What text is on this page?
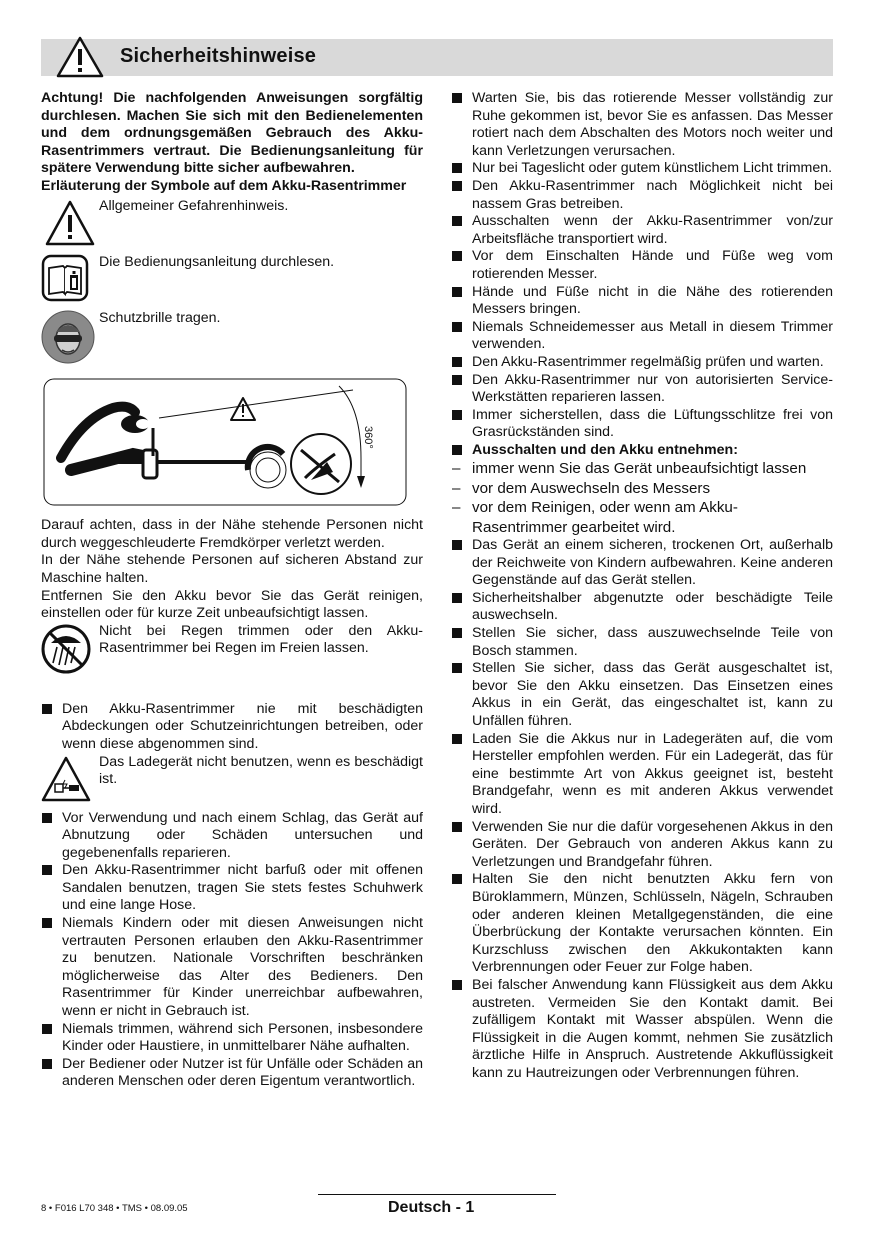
Sicherheitshinweise

Achtung! Die nachfolgenden Anweisungen sorgfältig durchlesen. Machen Sie sich mit den Bedienelementen und dem ordnungsgemäßen Gebrauch des Akku-Rasentrimmers vertraut. Die Bedienungsanleitung für spätere Verwendung bitte sicher aufbewahren.

Erläuterung der Symbole auf dem Akku-Rasentrimmer

Allgemeiner Gefahrenhinweis.
Die Bedienungsanleitung durchlesen.
Schutzbrille tragen.
360°

Darauf achten, dass in der Nähe stehende Personen nicht durch weggeschleuderte Fremdkörper verletzt werden.

In der Nähe stehende Personen auf sicheren Abstand zur Maschine halten.

Entfernen Sie den Akku bevor Sie das Gerät reinigen, einstellen oder für kurze Zeit unbeaufsichtigt lassen.

Nicht bei Regen trimmen oder den Akku-Rasentrimmer bei Regen im Freien lassen.
Den Akku-Rasentrimmer nie mit beschädigten Abdeckungen oder Schutzeinrichtungen betreiben, oder wenn diese abgenommen sind.
Das Ladegerät nicht benutzen, wenn es beschädigt ist.
Vor Verwendung und nach einem Schlag, das Gerät auf Abnutzung oder Schäden untersuchen und gegebenenfalls reparieren.
Den Akku-Rasentrimmer nicht barfuß oder mit offenen Sandalen benutzen, tragen Sie stets festes Schuhwerk und eine lange Hose.
Niemals Kindern oder mit diesen Anweisungen nicht vertrauten Personen erlauben den Akku-Rasentrimmer zu benutzen. Nationale Vorschriften beschränken möglicherweise das Alter des Bedieners. Den Rasentrimmer für Kinder unerreichbar aufbewahren, wenn er nicht in Gebrauch ist.
Niemals trimmen, während sich Personen, insbesondere Kinder oder Haustiere, in unmittelbarer Nähe aufhalten.
Der Bediener oder Nutzer ist für Unfälle oder Schäden an anderen Menschen oder deren Eigentum verantwortlich.
Warten Sie, bis das rotierende Messer vollständig zur Ruhe gekommen ist, bevor Sie es anfassen. Das Messer rotiert nach dem Abschalten des Motors noch weiter und kann Verletzungen verursachen.
Nur bei Tageslicht oder gutem künstlichem Licht trimmen.
Den Akku-Rasentrimmer nach Möglichkeit nicht bei nassem Gras betreiben.
Ausschalten wenn der Akku-Rasentrimmer von/zur Arbeitsfläche transportiert wird.
Vor dem Einschalten Hände und Füße weg vom rotierenden Messer.
Hände und Füße nicht in die Nähe des rotierenden Messers bringen.
Niemals Schneidemesser aus Metall in diesem Trimmer verwenden.
Den Akku-Rasentrimmer regelmäßig prüfen und warten.
Den Akku-Rasentrimmer nur von autorisierten Service-Werkstätten reparieren lassen.
Immer sicherstellen, dass die Lüftungsschlitze frei von Grasrückständen sind.
Ausschalten und den Akku entnehmen:
– immer wenn Sie das Gerät unbeaufsichtigt lassen
– vor dem Auswechseln des Messers
– vor dem Reinigen, oder wenn am Akku-Rasentrimmer gearbeitet wird.
Das Gerät an einem sicheren, trockenen Ort, außerhalb der Reichweite von Kindern aufbewahren. Keine anderen Gegenstände auf das Gerät stellen.
Sicherheitshalber abgenutzte oder beschädigte Teile auswechseln.
Stellen Sie sicher, dass auszuwechselnde Teile von Bosch stammen.
Stellen Sie sicher, dass das Gerät ausgeschaltet ist, bevor Sie den Akku einsetzen. Das Einsetzen eines Akkus in ein Gerät, das eingeschaltet ist, kann zu Unfällen führen.
Laden Sie die Akkus nur in Ladegeräten auf, die vom Hersteller empfohlen werden. Für ein Ladegerät, das für eine bestimmte Art von Akkus geeignet ist, besteht Brandgefahr, wenn es mit anderen Akkus verwendet wird.
Verwenden Sie nur die dafür vorgesehenen Akkus in den Geräten. Der Gebrauch von anderen Akkus kann zu Verletzungen und Brandgefahr führen.
Halten Sie den nicht benutzten Akku fern von Büroklammern, Münzen, Schlüsseln, Nägeln, Schrauben oder anderen kleinen Metallgegenständen, die eine Überbrückung der Kontakte verursachen könnten. Ein Kurzschluss zwischen den Akkukontakten kann Verbrennungen oder Feuer zur Folge haben.
Bei falscher Anwendung kann Flüssigkeit aus dem Akku austreten. Vermeiden Sie den Kontakt damit. Bei zufälligem Kontakt mit Wasser abspülen. Wenn die Flüssigkeit in die Augen kommt, nehmen Sie zusätzlich ärztliche Hilfe in Anspruch. Austretende Akkuflüssigkeit kann zu Hautreizungen oder Verbrennungen führen.
8 • F016 L70 348 • TMS • 08.09.05	Deutsch - 1
